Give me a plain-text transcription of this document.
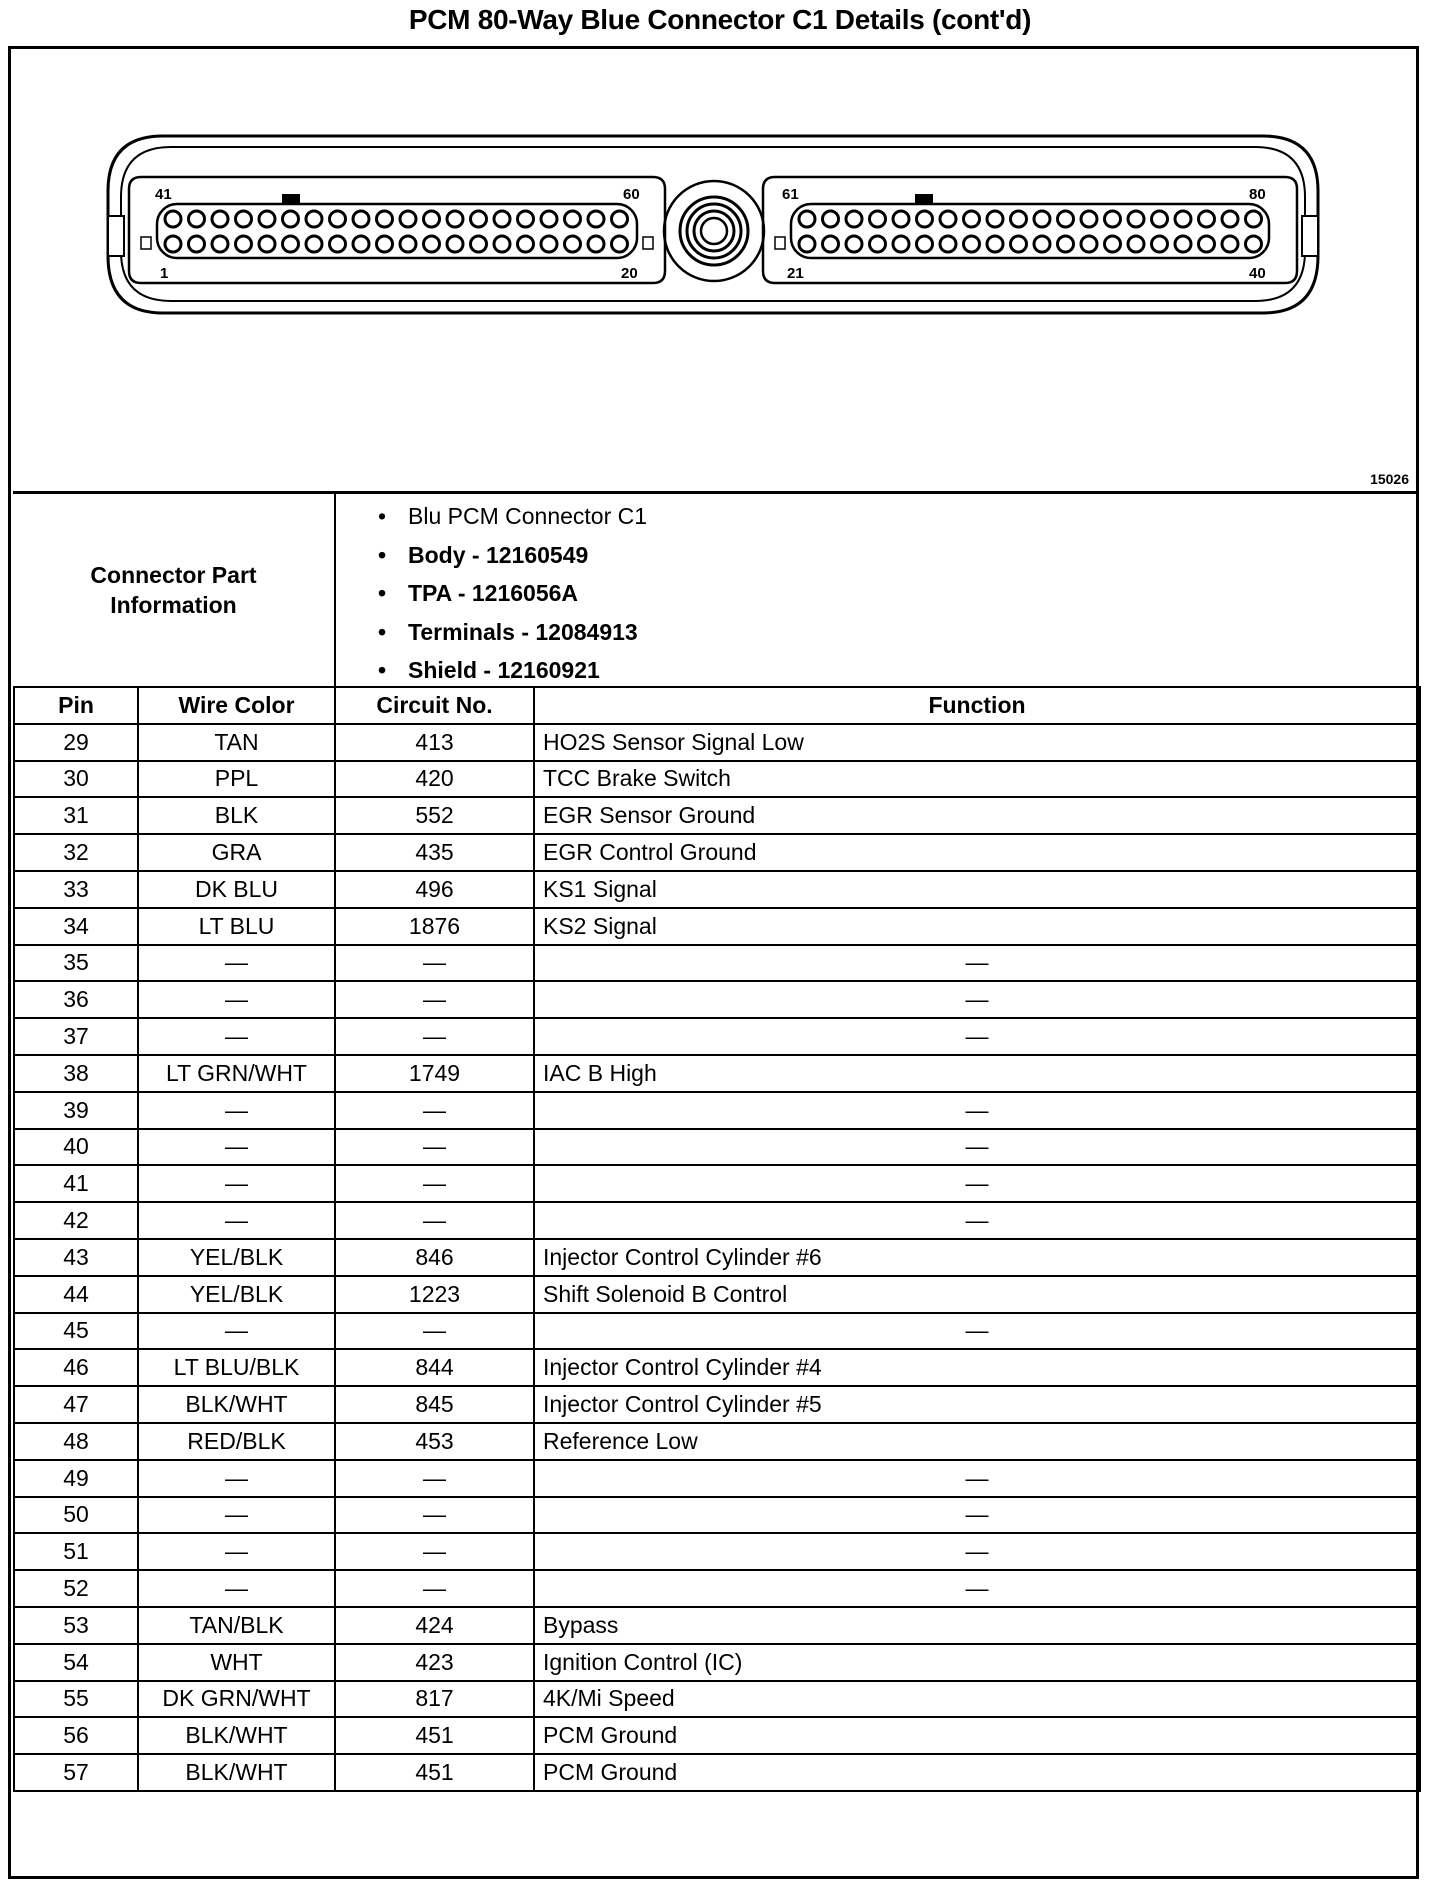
PCM 80-Way Blue Connector C1 Details (cont'd)
41	60
1	20
61	80
21	40
15026
Connector Part
Information
• Blu PCM Connector C1
• Body - 12160549
• TPA - 1216056A
• Terminals - 12084913
• Shield - 12160921
Pin	Wire Color	Circuit No.	Function
29	TAN	413	HO2S Sensor Signal Low
30	PPL	420	TCC Brake Switch
31	BLK	552	EGR Sensor Ground
32	GRA	435	EGR Control Ground
33	DK BLU	496	KS1 Signal
34	LT BLU	1876	KS2 Signal
35	—	—	—
36	—	—	—
37	—	—	—
38	LT GRN/WHT	1749	IAC B High
39	—	—	—
40	—	—	—
41	—	—	—
42	—	—	—
43	YEL/BLK	846	Injector Control Cylinder #6
44	YEL/BLK	1223	Shift Solenoid B Control
45	—	—	—
46	LT BLU/BLK	844	Injector Control Cylinder #4
47	BLK/WHT	845	Injector Control Cylinder #5
48	RED/BLK	453	Reference Low
49	—	—	—
50	—	—	—
51	—	—	—
52	—	—	—
53	TAN/BLK	424	Bypass
54	WHT	423	Ignition Control (IC)
55	DK GRN/WHT	817	4K/Mi Speed
56	BLK/WHT	451	PCM Ground
57	BLK/WHT	451	PCM Ground
